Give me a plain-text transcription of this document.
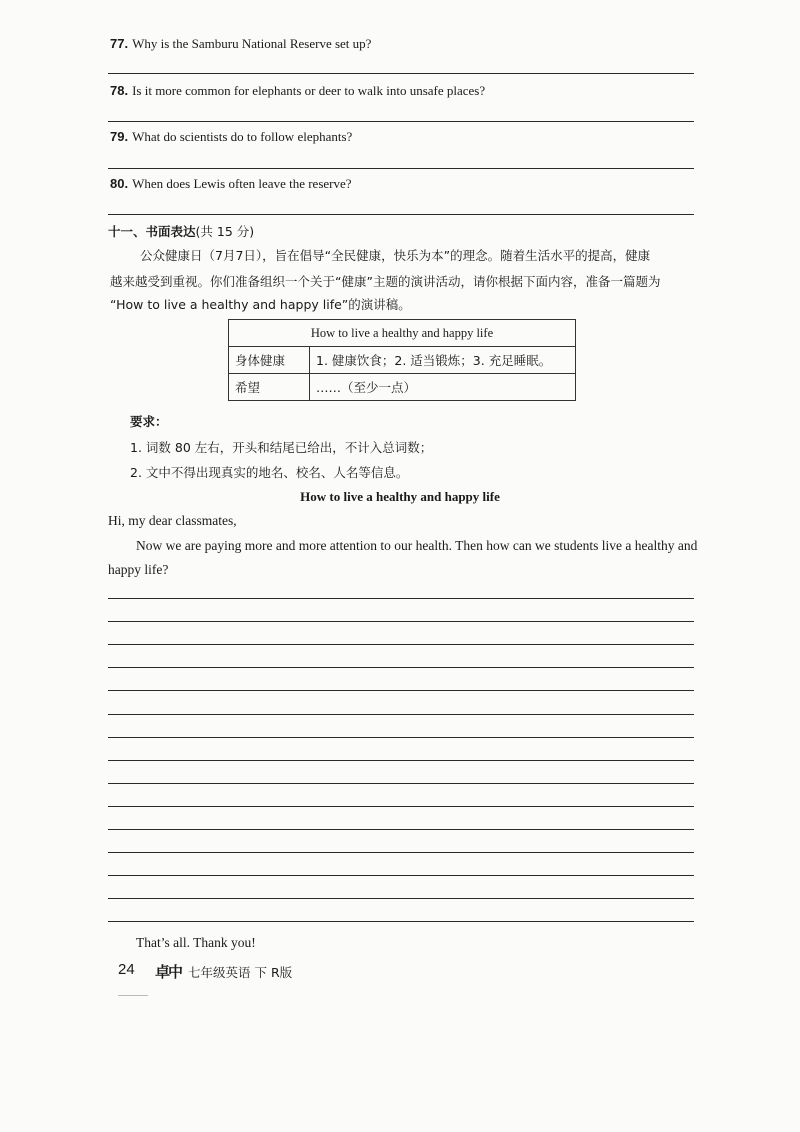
77. Why is the Samburu National Reserve set up?
78. Is it more common for elephants or deer to walk into unsafe places?
79. What do scientists do to follow elephants?
80. When does Lewis often leave the reserve?
十一、书面表达(共 15 分)
公众健康日（7月7日），旨在倡导“全民健康，快乐为本”的理念。随着生活水平的提高，健康
越来越受到重视。你们准备组织一个关于“健康”主题的演讲活动，请你根据下面内容，准备一篇题为
“How to live a healthy and happy life”的演讲稿。
How to live a healthy and happy life	
身体健康	1. 健康饮食；2. 适当锻炼；3. 充足睡眠。
希望	……（至少一点）
要求：
1. 词数 80 左右，开头和结尾已给出，不计入总词数；
2. 文中不得出现真实的地名、校名、人名等信息。
How to live a healthy and happy life
Hi, my dear classmates,
Now we are paying more and more attention to our health. Then how can we students live a healthy and
happy life?
That’s all. Thank you!
24 卓中 七年级英语 下 R版
